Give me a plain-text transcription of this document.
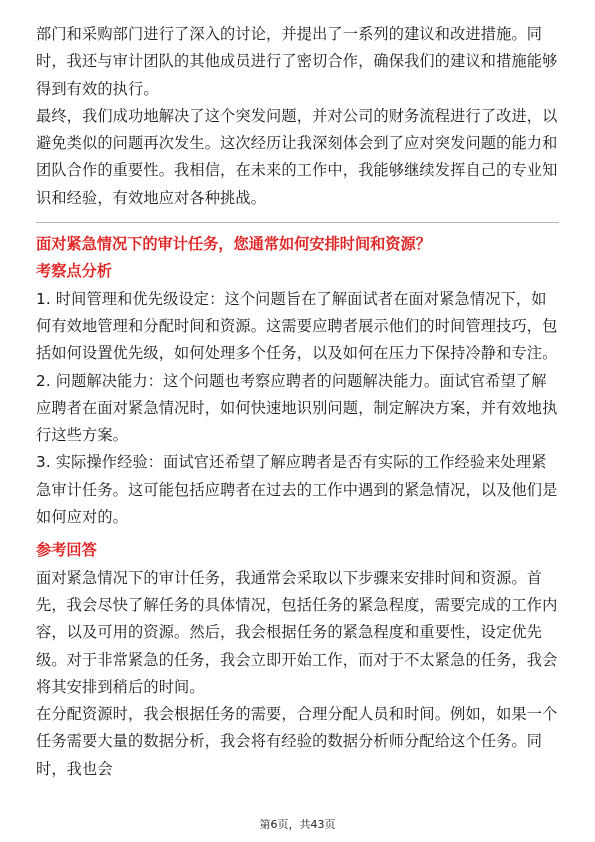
部门和采购部门进行了深入的讨论，并提出了一系列的建议和改进措施。同时，我还与审计团队的其他成员进行了密切合作，确保我们的建议和措施能够得到有效的执行。

最终，我们成功地解决了这个突发问题，并对公司的财务流程进行了改进，以避免类似的问题再次发生。这次经历让我深刻体会到了应对突发问题的能力和团队合作的重要性。我相信，在未来的工作中，我能够继续发挥自己的专业知识和经验，有效地应对各种挑战。

面对紧急情况下的审计任务，您通常如何安排时间和资源？
考察点分析

1. 时间管理和优先级设定：这个问题旨在了解面试者在面对紧急情况下，如何有效地管理和分配时间和资源。这需要应聘者展示他们的时间管理技巧，包括如何设置优先级，如何处理多个任务，以及如何在压力下保持冷静和专注。

2. 问题解决能力：这个问题也考察应聘者的问题解决能力。面试官希望了解应聘者在面对紧急情况时，如何快速地识别问题，制定解决方案，并有效地执行这些方案。

3. 实际操作经验：面试官还希望了解应聘者是否有实际的工作经验来处理紧急审计任务。这可能包括应聘者在过去的工作中遇到的紧急情况，以及他们是如何应对的。

参考回答

面对紧急情况下的审计任务，我通常会采取以下步骤来安排时间和资源。首先，我会尽快了解任务的具体情况，包括任务的紧急程度，需要完成的工作内容，以及可用的资源。然后，我会根据任务的紧急程度和重要性，设定优先级。对于非常紧急的任务，我会立即开始工作，而对于不太紧急的任务，我会将其安排到稍后的时间。

在分配资源时，我会根据任务的需要，合理分配人员和时间。例如，如果一个任务需要大量的数据分析，我会将有经验的数据分析师分配给这个任务。同时，我也会

第6页，共43页
